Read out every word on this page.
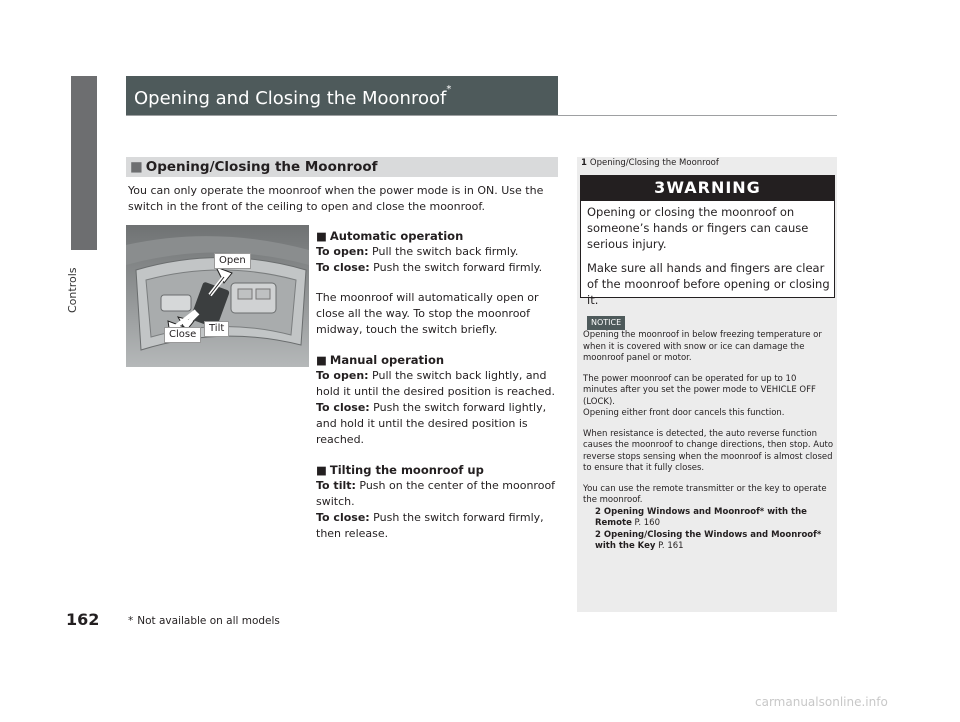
Controls
Opening and Closing the Moonroof*
■ Opening/Closing the Moonroof
You can only operate the moonroof when the power mode is in ON. Use the switch in the front of the ceiling to open and close the moonroof.
Open
Tilt
Close

■ Automatic operation

To open: Pull the switch back firmly.

To close: Push the switch forward firmly.

The moonroof will automatically open or close all the way. To stop the moonroof midway, touch the switch briefly.

■ Manual operation

To open: Pull the switch back lightly, and hold it until the desired position is reached.

To close: Push the switch forward lightly, and hold it until the desired position is reached.

■ Tilting the moonroof up

To tilt: Push on the center of the moonroof switch.

To close: Push the switch forward firmly, then release.

1 Opening/Closing the Moonroof
3WARNING

Opening or closing the moonroof on someone’s hands or fingers can cause serious injury.

Make sure all hands and fingers are clear of the moonroof before opening or closing it.

NOTICE

Opening the moonroof in below freezing temperature or when it is covered with snow or ice can damage the moonroof panel or motor.

The power moonroof can be operated for up to 10 minutes after you set the power mode to VEHICLE OFF (LOCK).
Opening either front door cancels this function.

When resistance is detected, the auto reverse function causes the moonroof to change directions, then stop. Auto reverse stops sensing when the moonroof is almost closed to ensure that it fully closes.

You can use the remote transmitter or the key to operate the moonroof.

2 Opening Windows and Moonroof* with the Remote P. 160
2 Opening/Closing the Windows and Moonroof* with the Key P. 161
162	* Not available on all models
carmanualsonline.info
